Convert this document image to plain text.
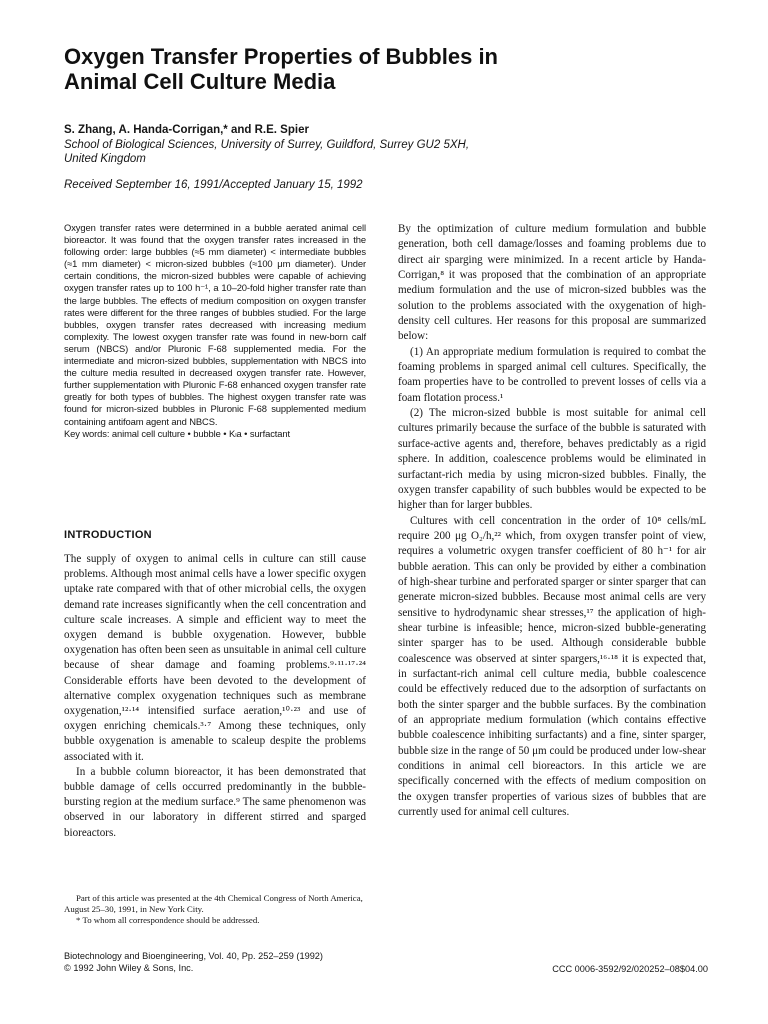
Oxygen Transfer Properties of Bubbles in
Animal Cell Culture Media
S. Zhang, A. Handa-Corrigan,* and R.E. Spier
School of Biological Sciences, University of Surrey, Guildford, Surrey GU2 5XH,
United Kingdom
Received September 16, 1991/Accepted January 15, 1992

Oxygen transfer rates were determined in a bubble aerated animal cell bioreactor. It was found that the oxygen transfer rates increased in the following order: large bubbles (≈5 mm diameter) < intermediate bubbles (≈1 mm diameter) < micron-sized bubbles (≈100 μm diameter). Under certain conditions, the micron-sized bubbles were capable of achieving oxygen transfer rates up to 100 h⁻¹, a 10–20-fold higher transfer rate than the large bubbles. The effects of medium composition on oxygen transfer rates were different for the three ranges of bubbles studied. For the large bubbles, oxygen transfer rates decreased with increasing medium complexity. The lowest oxygen transfer rate was found in new-born calf serum (NBCS) and/or Pluronic F-68 supplemented media. For the intermediate and micron-sized bubbles, supplementation with NBCS into the culture media resulted in decreased oxygen transfer rate. However, further supplementation with Pluronic F-68 enhanced oxygen transfer rate greatly for both types of bubbles. The highest oxygen transfer rate was found for micron-sized bubbles in Pluronic F-68 supplemented medium containing antifoam agent and NBCS.

Key words: animal cell culture • bubble • Kₗa • surfactant

INTRODUCTION

The supply of oxygen to animal cells in culture can still cause problems. Although most animal cells have a lower specific oxygen uptake rate compared with that of other microbial cells, the oxygen demand rate increases significantly when the cell concentration and culture scale increases. A simple and efficient way to meet the oxygen demand is bubble oxygenation. However, bubble oxygenation has often been seen as unsuitable in animal cell culture because of shear damage and foaming problems.⁹·¹¹·¹⁷·²⁴ Considerable efforts have been devoted to the development of alternative complex oxygenation techniques such as membrane oxygenation,¹²·¹⁴ intensified surface aeration,¹⁰·²³ and use of oxygen enriching chemicals.³·⁷ Among these techniques, only bubble oxygenation is amenable to scaleup despite the problems associated with it.

In a bubble column bioreactor, it has been demonstrated that bubble damage of cells occurred predominantly in the bubble-bursting region at the medium surface.⁹ The same phenomenon was observed in our laboratory in different stirred and sparged bioreactors.

Part of this article was presented at the 4th Chemical Congress of North America, August 25–30, 1991, in New York City.

* To whom all correspondence should be addressed.

By the optimization of culture medium formulation and bubble generation, both cell damage/losses and foaming problems due to direct air sparging were minimized. In a recent article by Handa-Corrigan,⁸ it was proposed that the combination of an appropriate medium formulation and the use of micron-sized bubbles was the solution to the problems associated with the oxygenation of high-density cell cultures. Her reasons for this proposal are summarized below:

(1) An appropriate medium formulation is required to combat the foaming problems in sparged animal cell cultures. Specifically, the foam properties have to be controlled to prevent losses of cells via a foam flotation process.¹

(2) The micron-sized bubble is most suitable for animal cell cultures primarily because the surface of the bubble is saturated with surface-active agents and, therefore, behaves predictably as a rigid sphere. In addition, coalescence problems would be eliminated in surfactant-rich media by using micron-sized bubbles. Finally, the oxygen transfer capability of such bubbles would be expected to be higher than for larger bubbles.

Cultures with cell concentration in the order of 10⁸ cells/mL require 200 μg O₂/h,²² which, from oxygen transfer point of view, requires a volumetric oxygen transfer coefficient of 80 h⁻¹ for air bubble aeration. This can only be provided by either a combination of high-shear turbine and perforated sparger or sinter sparger that can generate micron-sized bubbles. Because most animal cells are very sensitive to hydrodynamic shear stresses,¹⁷ the application of high-shear turbine is infeasible; hence, micron-sized bubble-generating sinter sparger has to be used. Although considerable bubble coalescence was observed at sinter spargers,¹⁶·¹⁸ it is expected that, in surfactant-rich animal cell culture media, bubble coalescence could be effectively reduced due to the adsorption of surfactants on both the sinter sparger and the bubble surfaces. By the combination of an appropriate medium formulation (which contains effective bubble coalescence inhibiting surfactants) and a fine, sinter sparger, bubble size in the range of 50 μm could be produced under low-shear conditions in animal cell bioreactors. In this article we are specifically concerned with the effects of medium composition on the oxygen transfer properties of various sizes of bubbles that are currently used for animal cell cultures.

Biotechnology and Bioengineering, Vol. 40, Pp. 252–259 (1992)
© 1992 John Wiley & Sons, Inc.	CCC 0006-3592/92/020252–08$04.00
